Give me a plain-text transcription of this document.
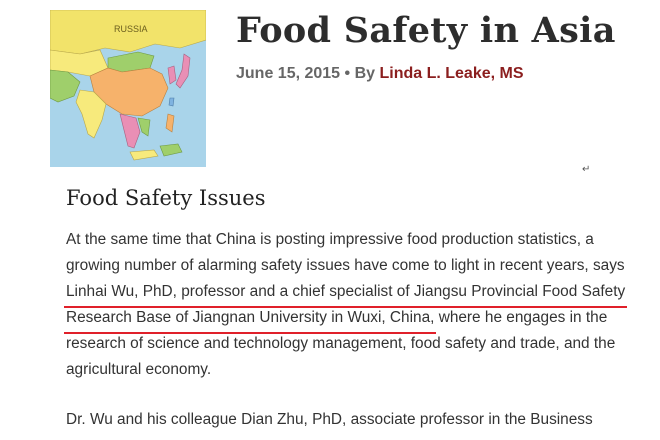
RUSSIA	Food Safety in Asia
June 15, 2015 • By Linda L. Leake, MS
↵
Food Safety Issues
At the same time that China is posting impressive food production statistics, a
growing number of alarming safety issues have come to light in recent years, says
Linhai Wu, PhD, professor and a chief specialist of Jiangsu Provincial Food Safety
Research Base of Jiangnan University in Wuxi, China, where he engages in the
research of science and technology management, food safety and trade, and the
agricultural economy.
Dr. Wu and his colleague Dian Zhu, PhD, associate professor in the Business
